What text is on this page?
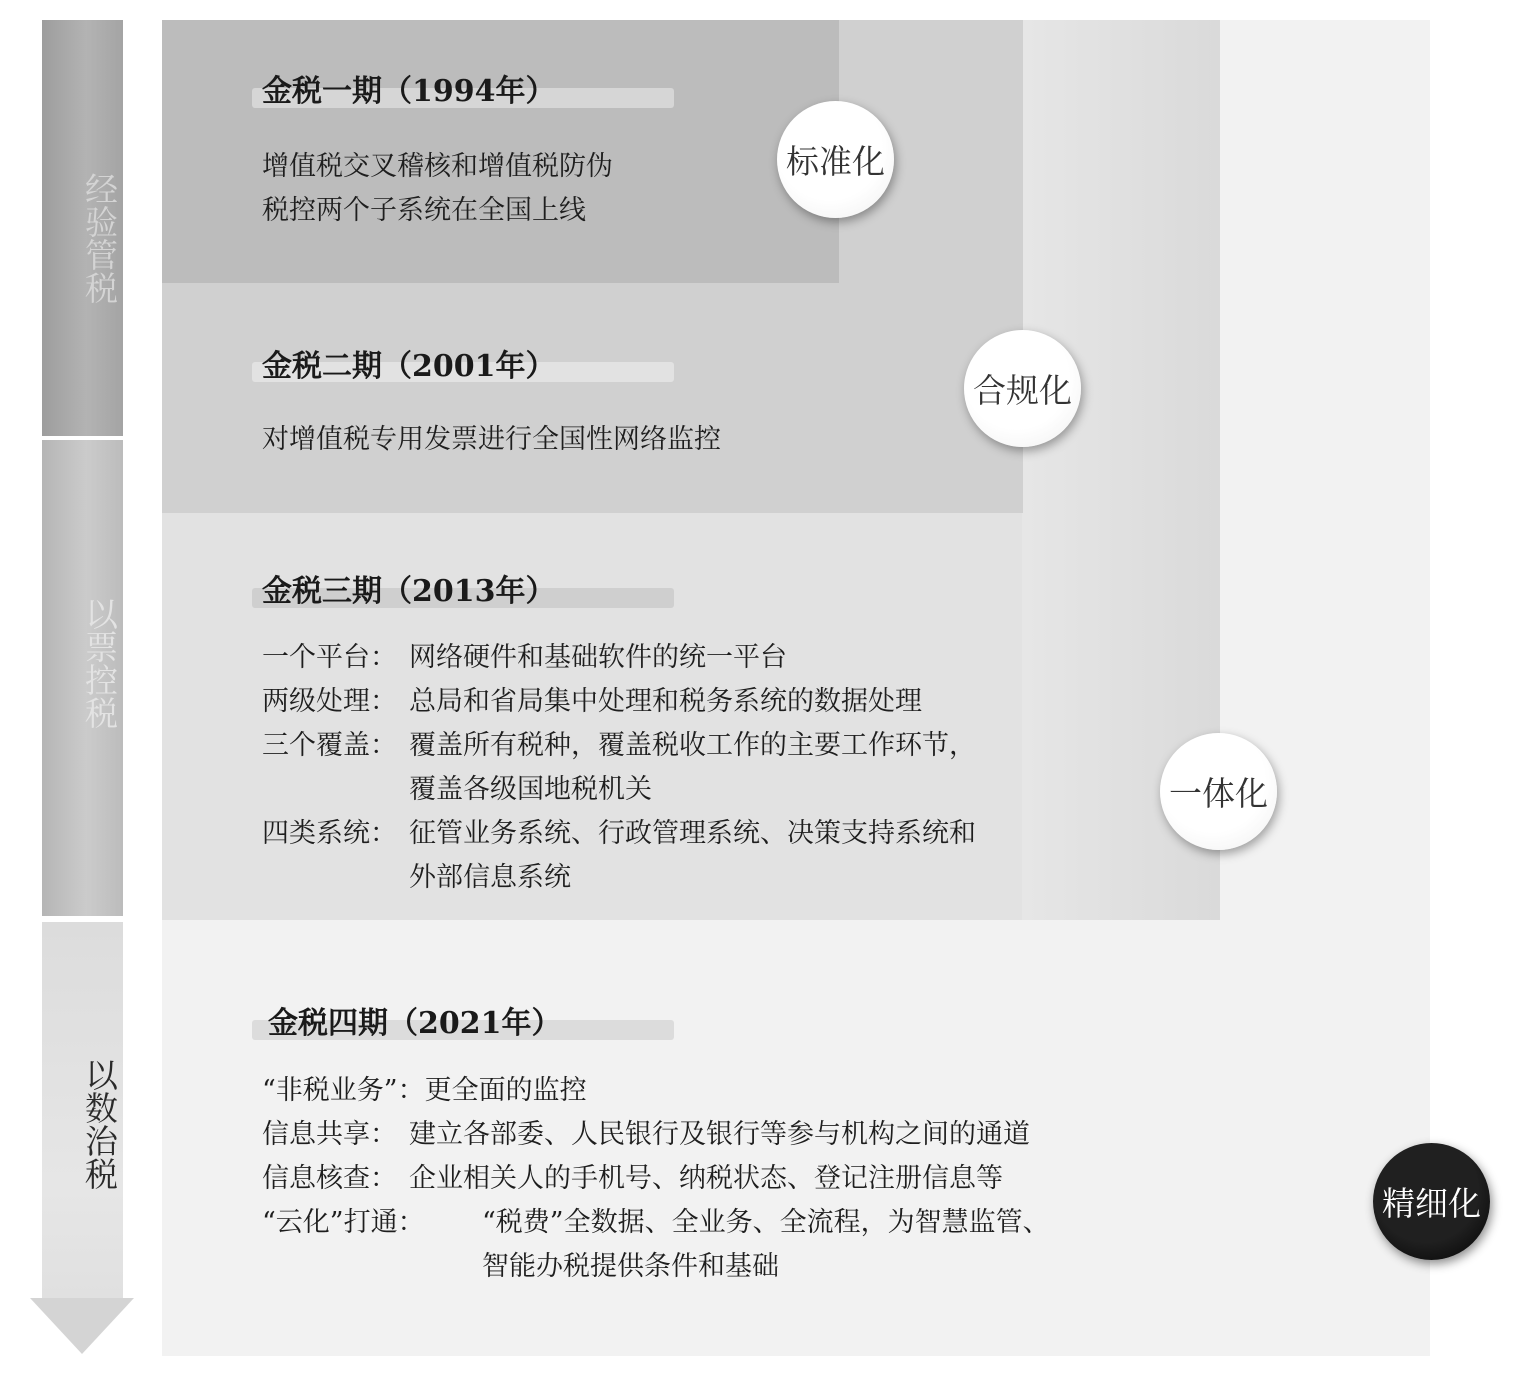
经验管税
以票控税
以数治税
金税一期（1994年）
增值税交叉稽核和增值税防伪
税控两个子系统在全国上线
标准化
金税二期（2001年）
对增值税专用发票进行全国性网络监控
合规化
金税三期（2013年）
一个平台： 网络硬件和基础软件的统一平台
两级处理： 总局和省局集中处理和税务系统的数据处理
三个覆盖： 覆盖所有税种，覆盖税收工作的主要工作环节，
覆盖各级国地税机关
四类系统： 征管业务系统、行政管理系统、决策支持系统和
外部信息系统
一体化
金税四期（2021年）
“非税业务”： 更全面的监控
信息共享： 建立各部委、人民银行及银行等参与机构之间的通道
信息核查： 企业相关人的手机号、纳税状态、登记注册信息等
“云化”打通：	“税费”全数据、全业务、全流程，为智慧监管、
智能办税提供条件和基础
精细化
